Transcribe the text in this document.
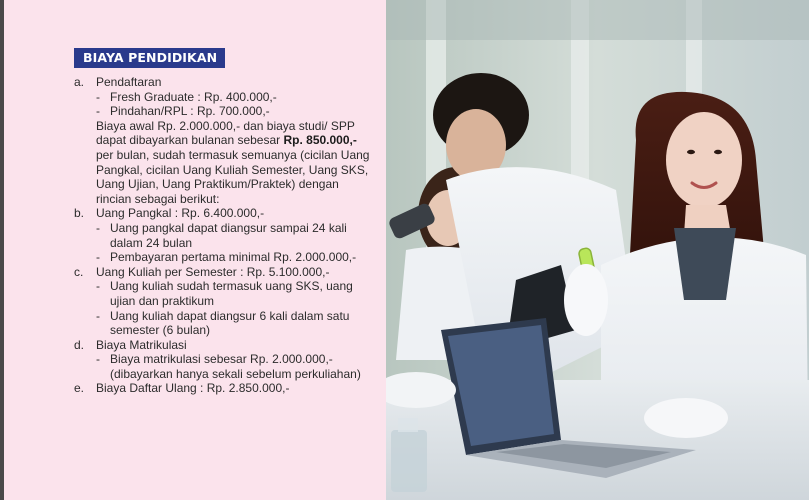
BIAYA PENDIDIKAN
a. Pendaftaran
- Fresh Graduate : Rp. 400.000,-
- Pindahan/RPL : Rp. 700.000,-

Biaya awal Rp. 2.000.000,- dan biaya studi/ SPP dapat dibayarkan bulanan sebesar Rp. 850.000,- per bulan, sudah termasuk semuanya (cicilan Uang Pangkal, cicilan Uang Kuliah Semester, Uang SKS, Uang Ujian, Uang Praktikum/Praktek) dengan rincian sebagai berikut:

b. Uang Pangkal : Rp. 6.400.000,-
- Uang pangkal dapat diangsur sampai 24 kali dalam 24 bulan
- Pembayaran pertama minimal Rp. 2.000.000,-
c.	Uang Kuliah per Semester : Rp. 5.100.000,-
- Uang kuliah sudah termasuk uang SKS, uang ujian dan praktikum
- Uang kuliah dapat diangsur 6 kali dalam satu semester (6 bulan)
d. Biaya Matrikulasi
- Biaya matrikulasi sebesar Rp. 2.000.000,- (dibayarkan hanya sekali sebelum perkuliahan)
e. Biaya Daftar Ulang : Rp. 2.850.000,-
